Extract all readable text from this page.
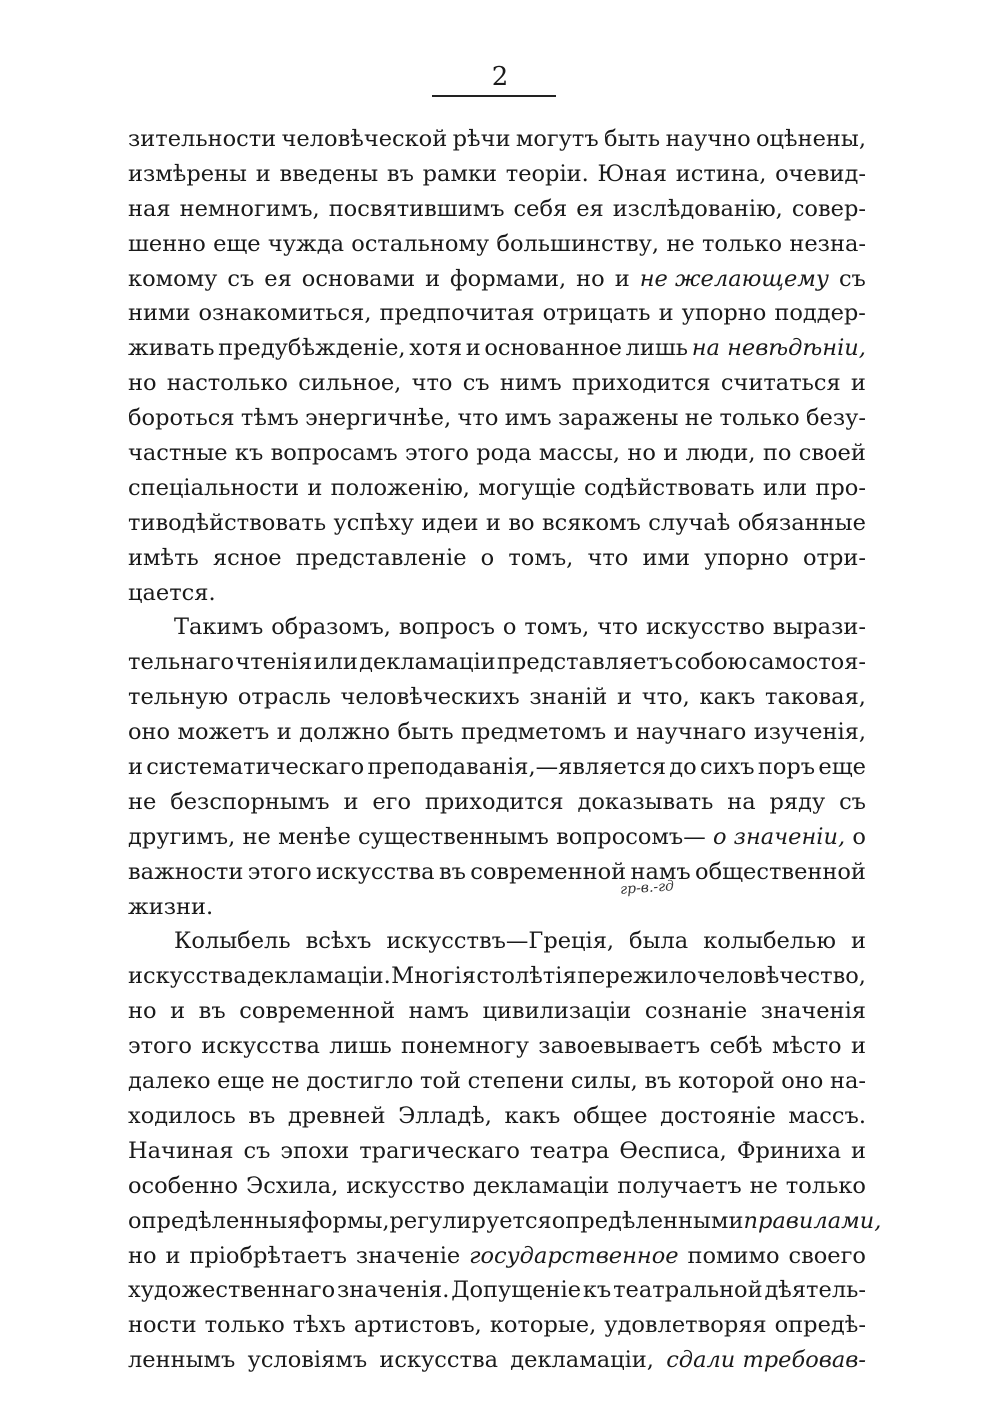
2
гр-в.-гд
зительности человѣческой рѣчи могутъ быть научно оцѣнены,
измѣрены и введены въ рамки теоріи. Юная истина, очевид-
ная немногимъ, посвятившимъ себя ея изслѣдованію, совер-
шенно еще чужда остальному большинству, не только незна-
комому съ ея основами и формами, но и не желающему съ
ними ознакомиться, предпочитая отрицать и упорно поддер-
живать предубѣжденіе, хотя и основанное лишь на невѣдѣніи,
но настолько сильное, что съ нимъ приходится считаться и
бороться тѣмъ энергичнѣе, что имъ заражены не только безу-
частные къ вопросамъ этого рода массы, но и люди, по своей
спеціальности и положенію, могущіе содѣйствовать или про-
тиводѣйствовать успѣху идеи и во всякомъ случаѣ обязанные
имѣть ясное представленіе о томъ, что ими упорно отри-
цается.
Такимъ образомъ, вопросъ о томъ, что искусство вырази-
тельнаго чтенія или декламаціи представляетъ собою самостоя-
тельную отрасль человѣческихъ знаній и что, какъ таковая,
оно можетъ и должно быть предметомъ и научнаго изученія,
и систематическаго преподаванія,—является до сихъ поръ еще
не безспорнымъ и его приходится доказывать на ряду съ
другимъ, не менѣе существеннымъ вопросомъ— о значеніи, о
важности этого искусства въ современной намъ общественной
жизни.
Колыбель всѣхъ искусствъ—Греція, была колыбелью и
искусства декламаціи. Многія столѣтія пережило человѣчество,
но и въ современной намъ цивилизаціи сознаніе значенія
этого искусства лишь понемногу завоевываетъ себѣ мѣсто и
далеко еще не достигло той степени силы, въ которой оно на-
ходилось въ древней Элладѣ, какъ общее достояніе массъ.
Начиная съ эпохи трагическаго театра Ѳесписа, Фриниха и
особенно Эсхила, искусство декламаціи получаетъ не только
опредѣленныя формы, регулируется опредѣленными правилами,
но и пріобрѣтаетъ значеніе государственное помимо своего
художественнаго значенія. Допущеніе къ театральной дѣятель-
ности только тѣхъ артистовъ, которые, удовлетворяя опредѣ-
леннымъ условіямъ искусства декламаціи, сдали требовав-
